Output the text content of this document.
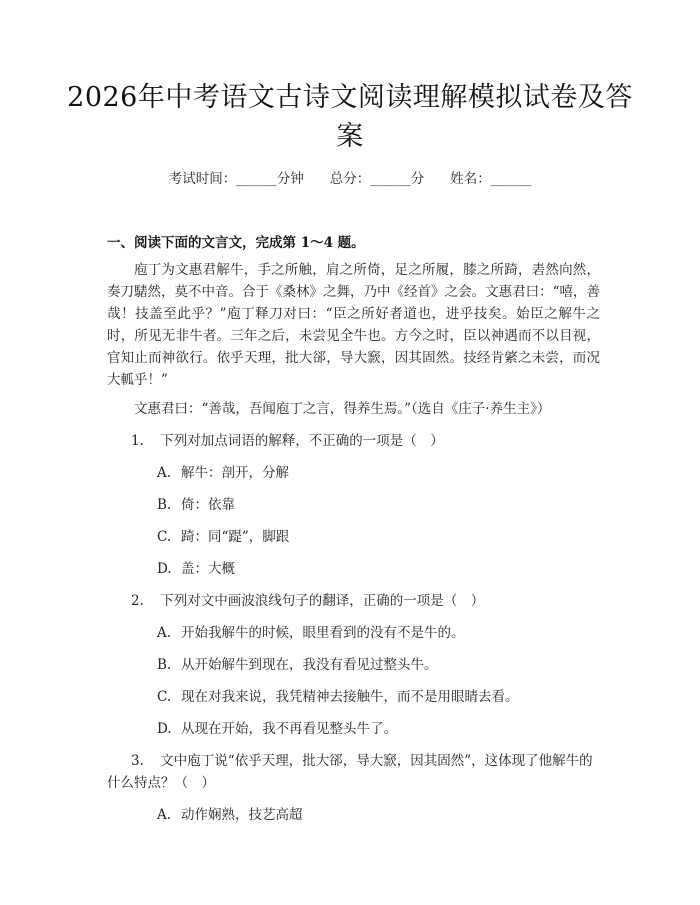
2026年中考语文古诗文阅读理解模拟试卷及答案
考试时间：______分钟 总分：______分 姓名：______
一、阅读下面的文言文，完成第 1～4 题。
庖丁为文惠君解牛，手之所触，肩之所倚，足之所履，膝之所踦，砉然向然，奏刀騞然，莫不中音。合于《桑林》之舞，乃中《经首》之会。文惠君曰：“嘻，善哉！技盖至此乎？”庖丁释刀对曰：“臣之所好者道也，进乎技矣。始臣之解牛之时，所见无非牛者。三年之后，未尝见全牛也。方今之时，臣以神遇而不以目视，官知止而神欲行。依乎天理，批大郤，导大窾，因其固然。技经肯綮之未尝，而况大軱乎！”
文惠君曰：“善哉，吾闻庖丁之言，得养生焉。”（选自《庄子·养生主》）
1. 下列对加点词语的解释，不正确的一项是（　）
A. 解牛：剖开，分解
B. 倚：依靠
C. 踦：同“踶”，脚跟
D. 盖：大概
2. 下列对文中画波浪线句子的翻译，正确的一项是（　）
A. 开始我解牛的时候，眼里看到的没有不是牛的。
B. 从开始解牛到现在，我没有看见过整头牛。
C. 现在对我来说，我凭精神去接触牛，而不是用眼睛去看。
D. 从现在开始，我不再看见整头牛了。
3. 文中庖丁说“依乎天理，批大郤，导大窾，因其固然”，这体现了他解牛的什么特点？（　）
A. 动作娴熟，技艺高超
